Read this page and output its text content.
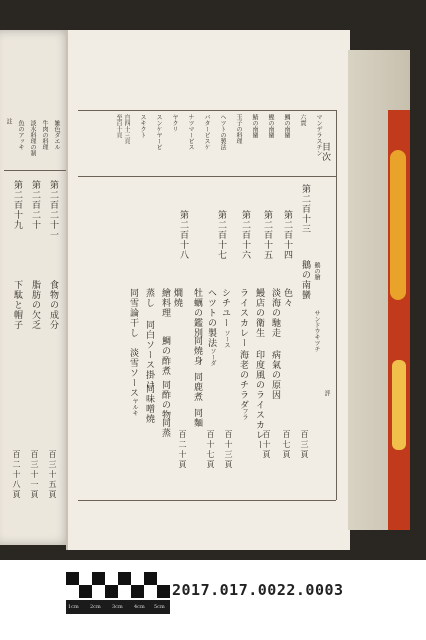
註 魚のアッキ 淡水料理の制 牛肉の料理 雑色ダエル
第二百十九 第二百二十 第二百二十一
下駄と帽子 脂肪の欠乏 食物の成分
百二十八頁 百三十一頁 百三十五頁
目次
評
マンデラスチン
六貫
鯛の南蠻
鰹の南蠻
鯖の南蠻
玉子の料理
ヘツトの製法
バターピスケ
ナツマービス
ヤクリ
スンケヤービ
スキクト
自四十三頁
至百十頁
第二百十三
鵝の南蠻 鵝の膾
サンドウキツチ
百三頁
第二百十四
色々
淡海の馳走
病氣の原因
百七頁
第二百十五
鰻店の衛生
印度風のライスカレー
百十頁
第二百十六
ライスカレー
海老のチラダ
フラ
百十三頁
第二百十七
シチユー
ソース
ヘツトの製法
ソーダ
牡蠣の鑑別
同燒身
同鹿煮
同麵
百十七頁
第二百十八
燗燒
繪料理
鯛の酢煮
同酢の物
同蒸
蒸し
同白ソース掛け
同味噌燒
同雪論干し
淡雪ソース
ヤルキ
百二十頁
1cm 2cm 3cm 4cm 5cm
2017.017.0022.0003
